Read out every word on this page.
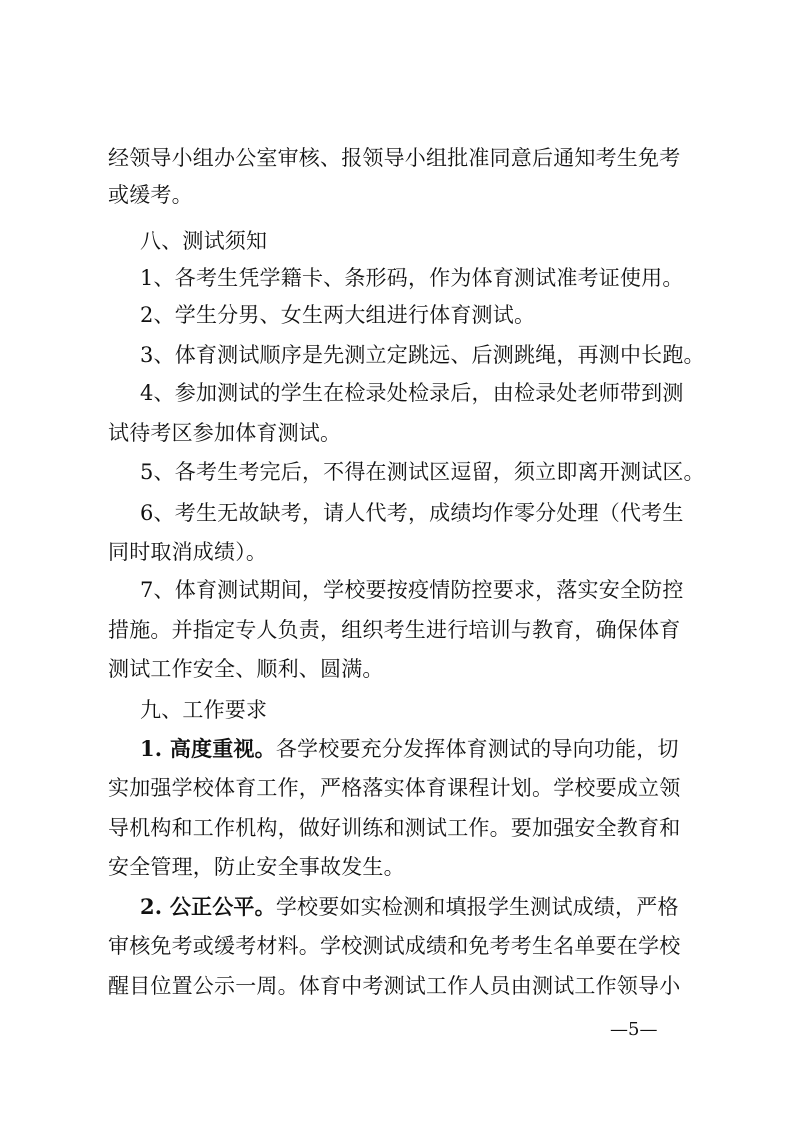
经领导小组办公室审核、报领导小组批准同意后通知考生免考
或缓考。
八、测试须知
1、各考生凭学籍卡、条形码，作为体育测试准考证使用。
2、学生分男、女生两大组进行体育测试。
3、体育测试顺序是先测立定跳远、后测跳绳，再测中长跑。
4、参加测试的学生在检录处检录后，由检录处老师带到测
试待考区参加体育测试。
5、各考生考完后，不得在测试区逗留，须立即离开测试区。
6、考生无故缺考，请人代考，成绩均作零分处理（代考生
同时取消成绩）。
7、体育测试期间，学校要按疫情防控要求，落实安全防控
措施。并指定专人负责，组织考生进行培训与教育，确保体育
测试工作安全、顺利、圆满。
九、工作要求
1. 高度重视。各学校要充分发挥体育测试的导向功能，切
实加强学校体育工作，严格落实体育课程计划。学校要成立领
导机构和工作机构，做好训练和测试工作。要加强安全教育和
安全管理，防止安全事故发生。
2. 公正公平。学校要如实检测和填报学生测试成绩，严格
审核免考或缓考材料。学校测试成绩和免考考生名单要在学校
醒目位置公示一周。体育中考测试工作人员由测试工作领导小
—5—
